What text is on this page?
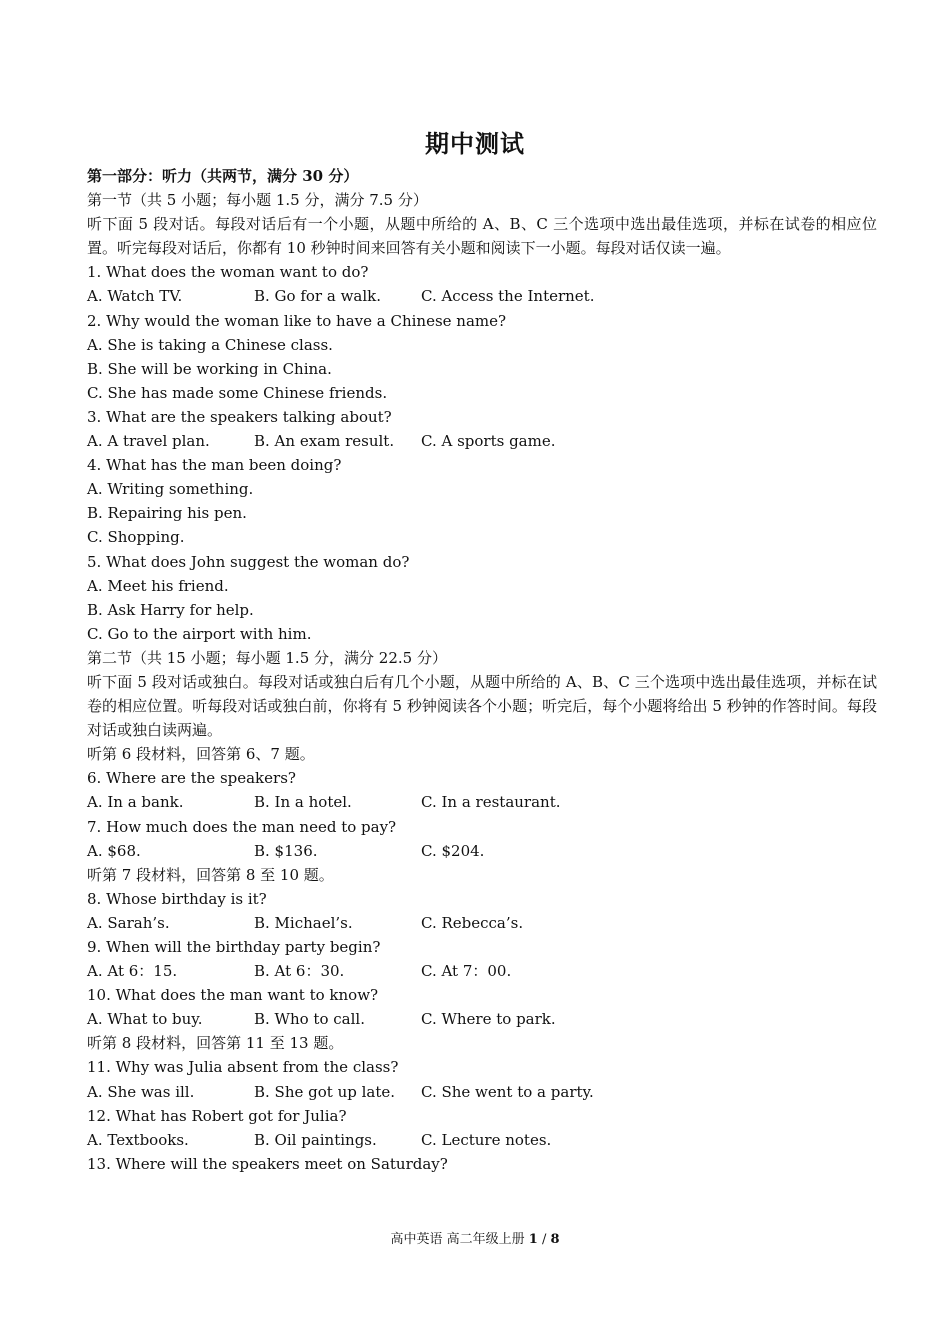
期中测试
第一部分：听力（共两节，满分 30 分）
第一节（共 5 小题；每小题 1.5 分，满分 7.5 分）
听下面 5 段对话。每段对话后有一个小题，从题中所给的 A、B、C 三个选项中选出最佳选项，并标在试卷的相应位置。听完每段对话后，你都有 10 秒钟时间来回答有关小题和阅读下一小题。每段对话仅读一遍。
1. What does the woman want to do?
A. Watch TV.	B. Go for a walk.	C. Access the Internet.
2. Why would the woman like to have a Chinese name?
A. She is taking a Chinese class.
B. She will be working in China.
C. She has made some Chinese friends.
3. What are the speakers talking about?
A. A travel plan.	B. An exam result. C. A sports game.
4. What has the man been doing?
A. Writing something.
B. Repairing his pen.
C. Shopping.
5. What does John suggest the woman do?
A. Meet his friend.
B. Ask Harry for help.
C. Go to the airport with him.
第二节（共 15 小题；每小题 1.5 分，满分 22.5 分）
听下面 5 段对话或独白。每段对话或独白后有几个小题，从题中所给的 A、B、C 三个选项中选出最佳选项，并标在试卷的相应位置。听每段对话或独白前，你将有 5 秒钟阅读各个小题；听完后，每个小题将给出 5 秒钟的作答时间。每段对话或独白读两遍。
听第 6 段材料，回答第 6、7 题。
6. Where are the speakers?
A. In a bank.	B. In a hotel.	C. In a restaurant.
7. How much does the man need to pay?
A. $68.	B. $136.	C. $204.
听第 7 段材料，回答第 8 至 10 题。
8. Whose birthday is it?
A. Sarah’s.	B. Michael’s.	C. Rebecca’s.
9. When will the birthday party begin?
A. At 6：15.	B. At 6：30.	C. At 7：00.
10. What does the man want to know?
A. What to buy.	B. Who to call.	C. Where to park.
听第 8 段材料，回答第 11 至 13 题。
11. Why was Julia absent from the class?
A. She was ill.	B. She got up late. C. She went to a party.
12. What has Robert got for Julia?
A. Textbooks.	B. Oil paintings.	C. Lecture notes.
13. Where will the speakers meet on Saturday?
高中英语 高二年级上册 1 / 8
